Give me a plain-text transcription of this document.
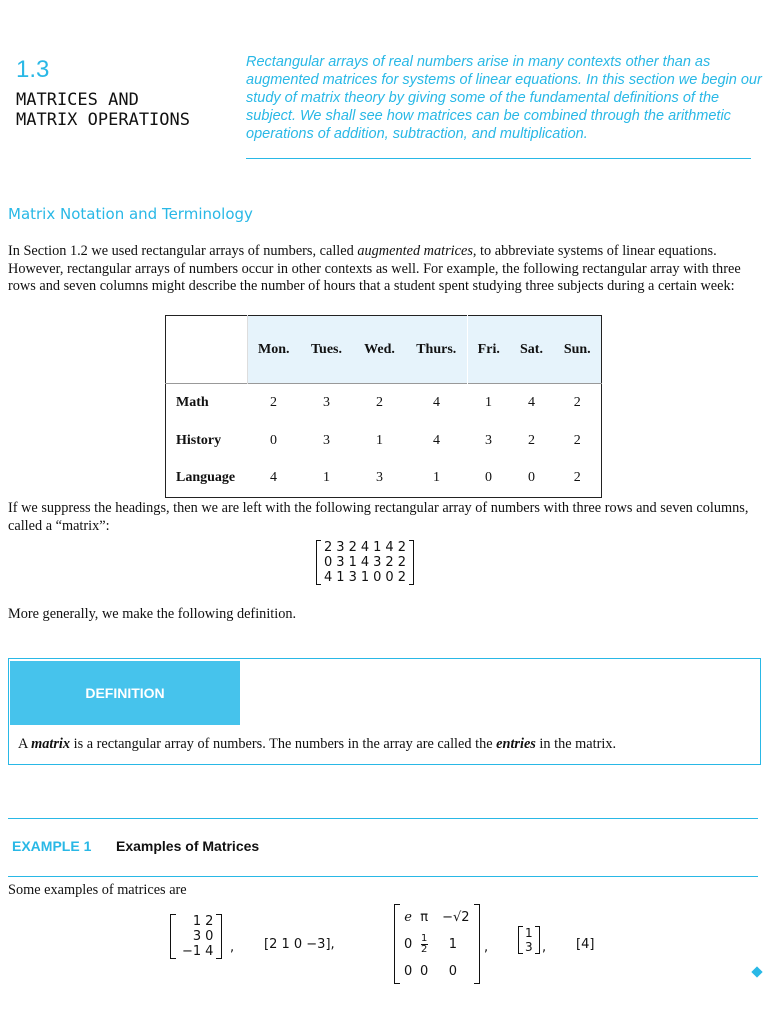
1.3
MATRICES AND
MATRIX OPERATIONS
Rectangular arrays of real numbers arise in many contexts other than as augmented matrices for systems of linear equations. In this section we begin our study of matrix theory by giving some of the fundamental definitions of the subject. We shall see how matrices can be combined through the arithmetic operations of addition, subtraction, and multiplication.
Matrix Notation and Terminology
In Section 1.2 we used rectangular arrays of numbers, called augmented matrices, to abbreviate systems of linear equations. However, rectangular arrays of numbers occur in other contexts as well. For example, the following rectangular array with three rows and seven columns might describe the number of hours that a student spent studying three subjects during a certain week:
	Mon.	Tues.	Wed.	Thurs.	Fri.	Sat.	Sun.
Math	2	3	2	4	1	4	2
History	0	3	1	4	3	2	2
Language	4	1	3	1	0	0	2
If we suppress the headings, then we are left with the following rectangular array of numbers with three rows and seven columns, called a “matrix”:
2	3	2	4	1	4	2
0	3	1	4	3	2	2
4	1	3	1	0	0	2
More generally, we make the following definition.
DEFINITION
A matrix is a rectangular array of numbers. The numbers in the array are called the entries in the matrix.
EXAMPLE 1 Examples of Matrices
Some examples of matrices are
1	2
3	0
−1	4 , [2 1 0 −3],
e	π	−√2
0	$\frac{1}{2}$	1
0	0	0
,
1
3 , [4]
